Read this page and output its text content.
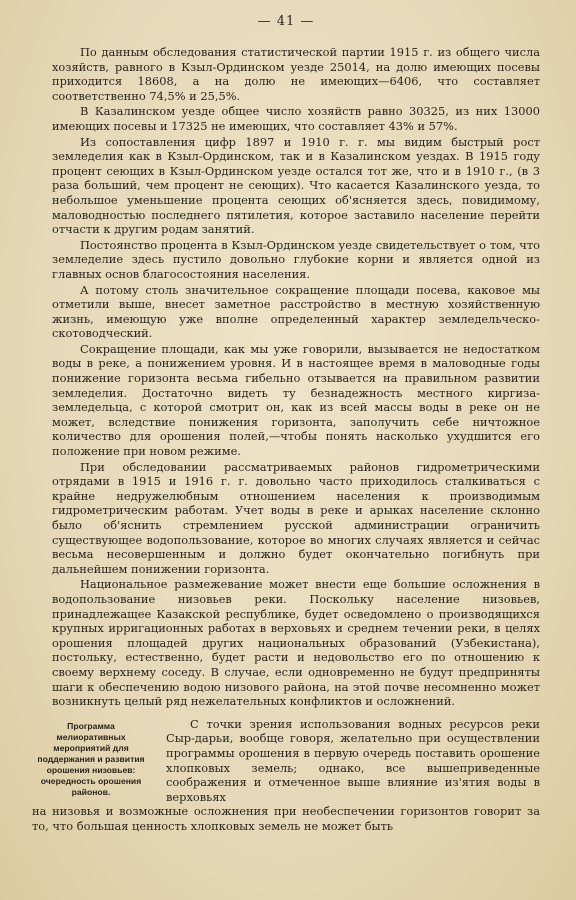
— 41 —

По данным обследования статистической партии 1915 г. из общего числа хозяйств, равного в Кзыл-Ординском уезде 25014, на долю имеющих посевы приходится 18608, а на долю не имеющих—6406, что составляет соответственно 74,5% и 25,5%.

В Казалинском уезде общее число хозяйств равно 30325, из них 13000 имеющих посевы и 17325 не имеющих, что составляет 43% и 57%.

Из сопоставления цифр 1897 и 1910 г. г. мы видим быстрый рост земледелия как в Кзыл-Ординском, так и в Казалинском уездах. В 1915 году процент сеющих в Кзыл-Ординском уезде остался тот же, что и в 1910 г., (в 3 раза больший, чем процент не сеющих). Что касается Казалинского уезда, то небольшое уменьшение процента сеющих об'ясняется здесь, повидимому, маловодностью последнего пятилетия, которое заставило население перейти отчасти к другим родам занятий.

Постоянство процента в Кзыл-Ординском уезде свидетельствует о том, что земледелие здесь пустило довольно глубокие корни и является одной из главных основ благосостояния населения.

А потому столь значительное сокращение площади посева, каковое мы отметили выше, внесет заметное расстройство в местную хозяйственную жизнь, имеющую уже вполне определенный характер земледельческо-скотоводческий.

Сокращение площади, как мы уже говорили, вызывается не недостатком воды в реке, а понижением уровня. И в настоящее время в маловодные годы понижение горизонта весьма гибельно отзывается на правильном развитии земледелия. Достаточно видеть ту безнадежность местного киргиза-земледельца, с которой смотрит он, как из всей массы воды в реке он не может, вследствие понижения горизонта, заполучить себе ничтожное количество для орошения полей,—чтобы понять насколько ухудшится его положение при новом режиме.

При обследовании рассматриваемых районов гидрометрическими отрядами в 1915 и 1916 г. г. довольно часто приходилось сталкиваться с крайне недружелюбным отношением населения к производимым гидрометрическим работам. Учет воды в реке и арыках население склонно было об'яснить стремлением русской администрации ограничить существующее водопользование, которое во многих случаях является и сейчас весьма несовершенным и должно будет окончательно погибнуть при дальнейшем понижении горизонта.

Национальное размежевание может внести еще большие осложнения в водопользование низовьев реки. Поскольку население низовьев, принадлежащее Казакской республике, будет осведомлено о производящихся крупных ирригационных работах в верховьях и среднем течении реки, в целях орошения площадей других национальных образований (Узбекистана), постольку, естественно, будет расти и недовольство его по отношению к своему верхнему соседу. В случае, если одновременно не будут предприняты шаги к обеспечению водою низового района, на этой почве несомненно может возникнуть целый ряд нежелательных конфликтов и осложнений.

Программа мелиоративных мероприятий для поддержания и развития орошения низовьев: очередность орошения районов.

С точки зрения использования водных ресурсов реки Сыр-дарьи, вообще говоря, желательно при осуществлении программы орошения в первую очередь поставить орошение хлопковых земель; однако, все вышеприведенные соображения и отмеченное выше влияние из'ятия воды в верховьях

на низовья и возможные осложнения при необеспечении горизонтов говорит за то, что большая ценность хлопковых земель не может быть
